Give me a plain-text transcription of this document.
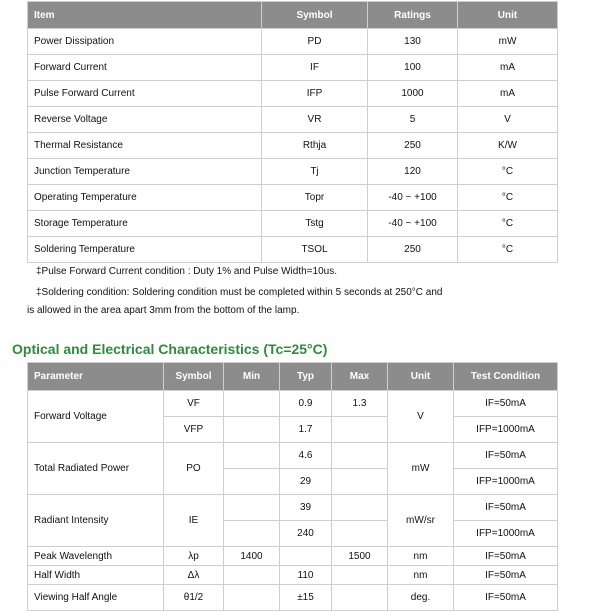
Item	Symbol	Ratings	Unit
Power Dissipation	PD	130	mW
Forward Current	IF	100	mA
Pulse Forward Current	IFP	1000	mA
Reverse Voltage	VR	5	V
Thermal Resistance	Rthja	250	K/W
Junction Temperature	Tj	120	°C
Operating Temperature	Topr	-40 ~ +100	°C
Storage Temperature	Tstg	-40 ~ +100	°C
Soldering Temperature	TSOL	250	°C
‡Pulse Forward Current condition : Duty 1% and Pulse Width=10us.
‡Soldering condition: Soldering condition must be completed within 5 seconds at 250°C and
is allowed in the area apart 3mm from the bottom of the lamp.
Optical and Electrical Characteristics (Tc=25°C)
Parameter	Symbol	Min	Typ	Max	Unit	Test Condition
Forward Voltage	VF		0.9	1.3	V	IF=50mA
	VFP		1.7			IFP=1000mA
Total Radiated Power	PO		4.6		mW	IF=50mA
			29			IFP=1000mA
Radiant Intensity	IE		39		mW/sr	IF=50mA
			240			IFP=1000mA
Peak Wavelength	λp	1400		1500	nm	IF=50mA
Half Width	Δλ		110		nm	IF=50mA
Viewing Half Angle	θ1/2		±15		deg.	IF=50mA
